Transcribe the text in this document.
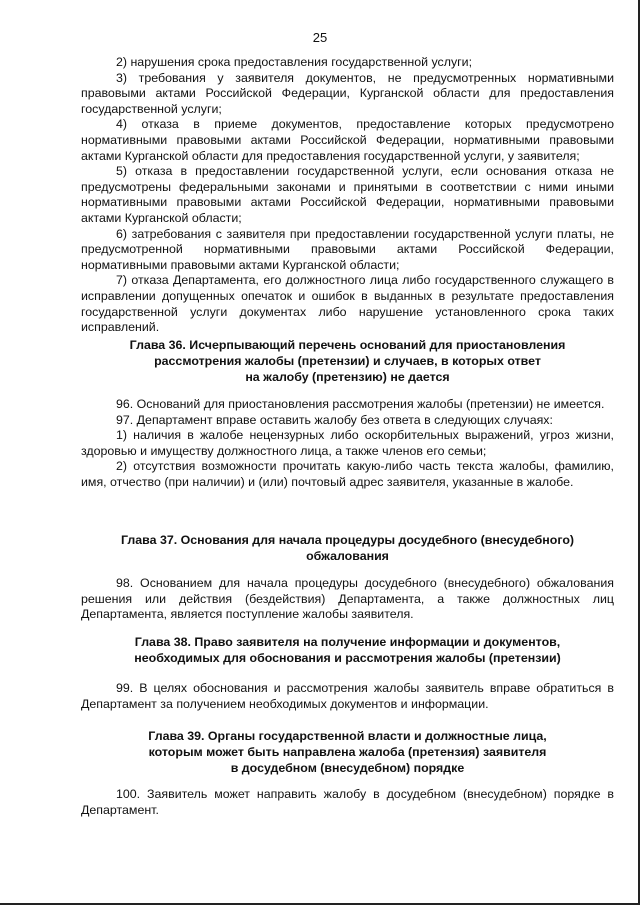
25

2) нарушения срока предоставления государственной услуги;

3) требования у заявителя документов, не предусмотренных нормативными правовыми актами Российской Федерации, Курганской области для предоставления государственной услуги;

4) отказа в приеме документов, предоставление которых предусмотрено нормативными правовыми актами Российской Федерации, нормативными правовыми актами Курганской области для предоставления государственной услуги, у заявителя;

5) отказа в предоставлении государственной услуги, если основания отказа не предусмотрены федеральными законами и принятыми в соответствии с ними иными нормативными правовыми актами Российской Федерации, нормативными правовыми актами Курганской области;

6) затребования с заявителя при предоставлении государственной услуги платы, не предусмотренной нормативными правовыми актами Российской Федерации, нормативными правовыми актами Курганской области;

7) отказа Департамента, его должностного лица либо государственного служащего в исправлении допущенных опечаток и ошибок в выданных в результате предоставления государственной услуги документах либо нарушение установленного срока таких исправлений.

Глава 36. Исчерпывающий перечень оснований для приостановления
рассмотрения жалобы (претензии) и случаев, в которых ответ
на жалобу (претензию) не дается

96. Оснований для приостановления рассмотрения жалобы (претензии) не имеется.

97. Департамент вправе оставить жалобу без ответа в следующих случаях:

1) наличия в жалобе нецензурных либо оскорбительных выражений, угроз жизни, здоровью и имуществу должностного лица, а также членов его семьи;

2) отсутствия возможности прочитать какую-либо часть текста жалобы, фамилию, имя, отчество (при наличии) и (или) почтовый адрес заявителя, указанные в жалобе.

Глава 37. Основания для начала процедуры досудебного (внесудебного)
обжалования

98. Основанием для начала процедуры досудебного (внесудебного) обжалования решения или действия (бездействия) Департамента, а также должностных лиц Департамента, является поступление жалобы заявителя.

Глава 38. Право заявителя на получение информации и документов,
необходимых для обоснования и рассмотрения жалобы (претензии)

99. В целях обоснования и рассмотрения жалобы заявитель вправе обратиться в Департамент за получением необходимых документов и информации.

Глава 39. Органы государственной власти и должностные лица,
которым может быть направлена жалоба (претензия) заявителя
в досудебном (внесудебном) порядке

100. Заявитель может направить жалобу в досудебном (внесудебном) порядке в Департамент.
